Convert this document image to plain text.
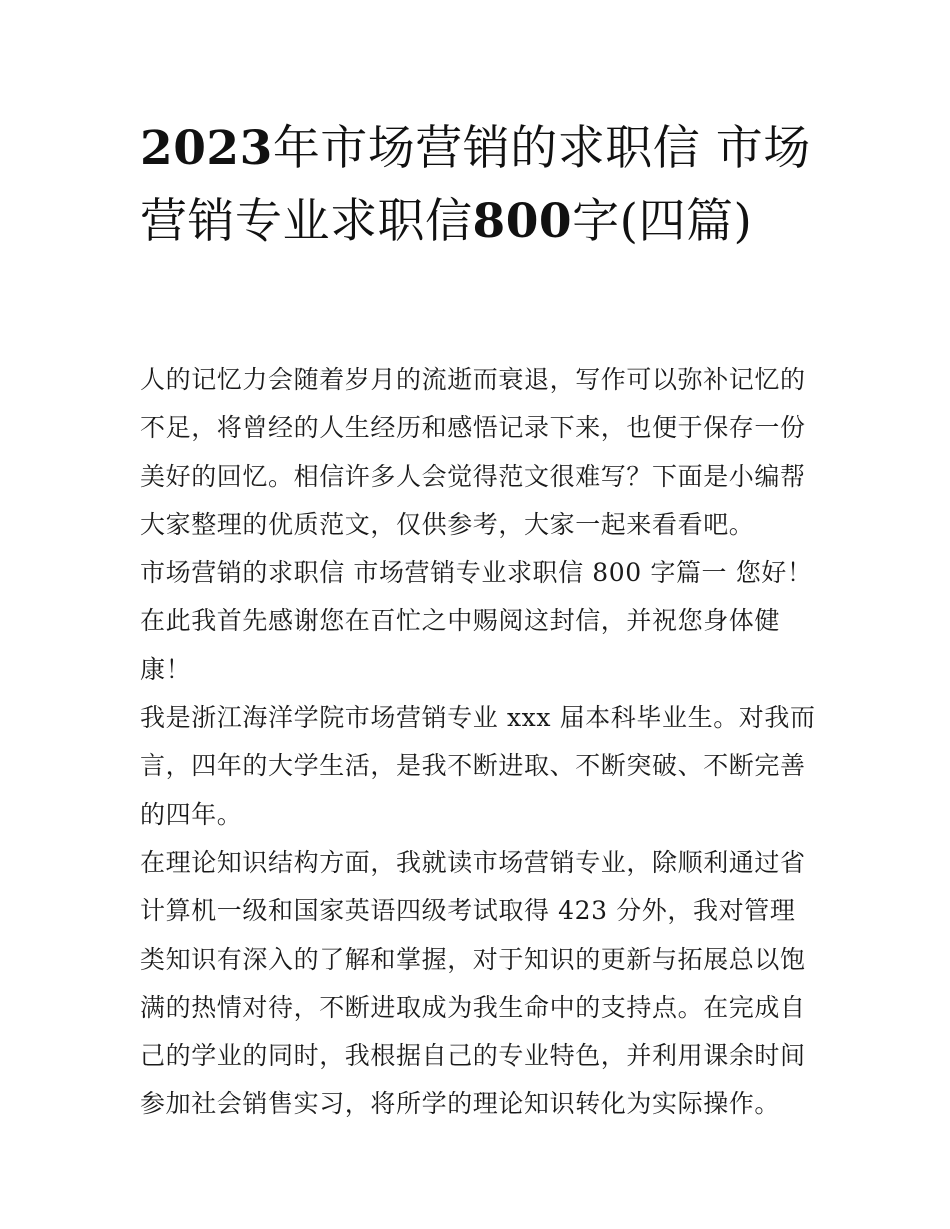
2023年市场营销的求职信 市场营销专业求职信800字(四篇)

人的记忆力会随着岁月的流逝而衰退，写作可以弥补记忆的不足，将曾经的人生经历和感悟记录下来，也便于保存一份美好的回忆。相信许多人会觉得范文很难写？下面是小编帮大家整理的优质范文，仅供参考，大家一起来看看吧。

市场营销的求职信 市场营销专业求职信 800 字篇一 您好！在此我首先感谢您在百忙之中赐阅这封信，并祝您身体健康！

我是浙江海洋学院市场营销专业 xxx 届本科毕业生。对我而言，四年的大学生活，是我不断进取、不断突破、不断完善的四年。

在理论知识结构方面，我就读市场营销专业，除顺利通过省计算机一级和国家英语四级考试取得 423 分外，我对管理类知识有深入的了解和掌握，对于知识的更新与拓展总以饱满的热情对待，不断进取成为我生命中的支持点。在完成自己的学业的同时，我根据自己的专业特色，并利用课余时间参加社会销售实习，将所学的理论知识转化为实际操作。
